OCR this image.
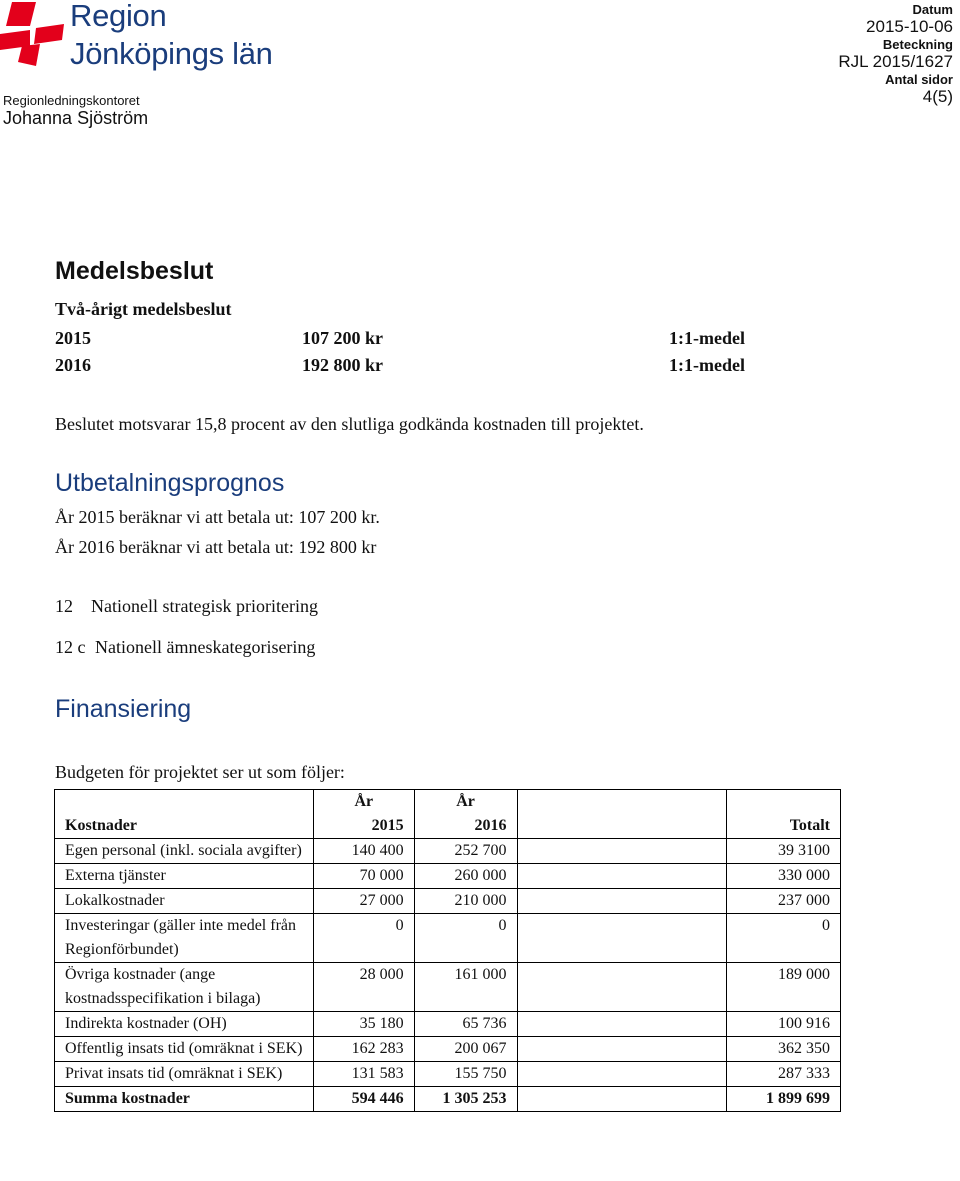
Region
Jönköpings län
Regionledningskontoret
Johanna Sjöström
Datum
2015-10-06
Beteckning
RJL 2015/1627
Antal sidor
4(5)
Medelsbeslut
Två-årigt medelsbeslut
2015	107 200 kr	1:1-medel
2016	192 800 kr	1:1-medel
Beslutet motsvarar 15,8 procent av den slutliga godkända kostnaden till projektet.
Utbetalningsprognos
År 2015 beräknar vi att betala ut: 107 200 kr.
År 2016 beräknar vi att betala ut: 192 800 kr
12 Nationell strategisk prioritering
12 c Nationell ämneskategorisering
Finansiering
Budgeten för projektet ser ut som följer:
	År	År		
Kostnader	2015	2016		Totalt
Egen personal (inkl. sociala avgifter)	140 400	252 700		39 3100
Externa tjänster	70 000	260 000		330 000
Lokalkostnader	27 000	210 000		237 000
Investeringar (gäller inte medel från Regionförbundet)	0	0		0
Övriga kostnader (ange kostnadsspecifikation i bilaga)	28 000	161 000		189 000
Indirekta kostnader (OH)	35 180	65 736		100 916
Offentlig insats tid (omräknat i SEK)	162 283	200 067		362 350
Privat insats tid (omräknat i SEK)	131 583	155 750		287 333
Summa kostnader	594 446	1 305 253		1 899 699
